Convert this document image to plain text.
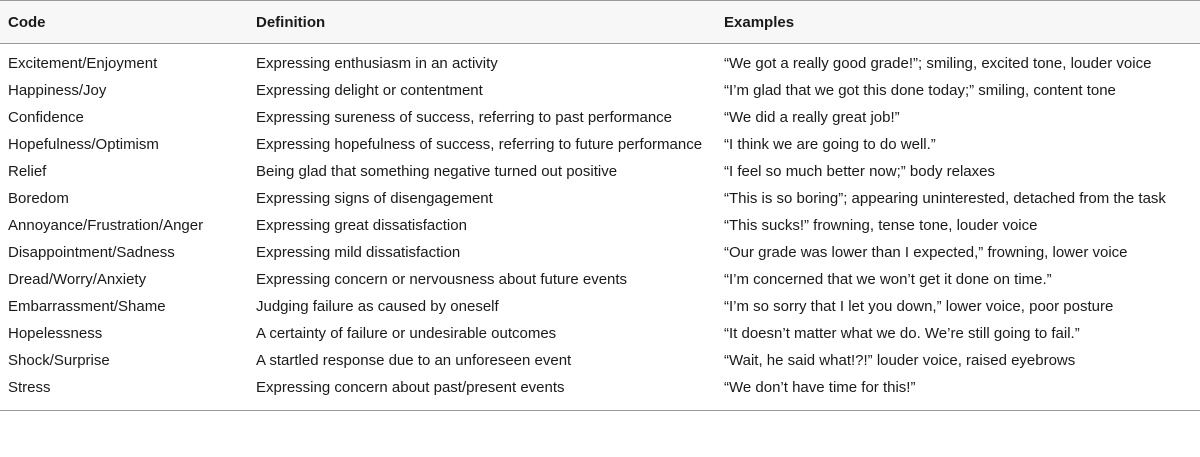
Code	Definition	Examples
Excitement/Enjoyment	Expressing enthusiasm in an activity	“We got a really good grade!”; smiling, excited tone, louder voice
Happiness/Joy	Expressing delight or contentment	“I’m glad that we got this done today;” smiling, content tone
Confidence	Expressing sureness of success, referring to past performance	“We did a really great job!”
Hopefulness/Optimism	Expressing hopefulness of success, referring to future performance	“I think we are going to do well.”
Relief	Being glad that something negative turned out positive	“I feel so much better now;” body relaxes
Boredom	Expressing signs of disengagement	“This is so boring”; appearing uninterested, detached from the task
Annoyance/Frustration/Anger	Expressing great dissatisfaction	“This sucks!” frowning, tense tone, louder voice
Disappointment/Sadness	Expressing mild dissatisfaction	“Our grade was lower than I expected,” frowning, lower voice
Dread/Worry/Anxiety	Expressing concern or nervousness about future events	“I’m concerned that we won’t get it done on time.”
Embarrassment/Shame	Judging failure as caused by oneself	“I’m so sorry that I let you down,” lower voice, poor posture
Hopelessness	A certainty of failure or undesirable outcomes	“It doesn’t matter what we do. We’re still going to fail.”
Shock/Surprise	A startled response due to an unforeseen event	“Wait, he said what!?!” louder voice, raised eyebrows
Stress	Expressing concern about past/present events	“We don’t have time for this!”
